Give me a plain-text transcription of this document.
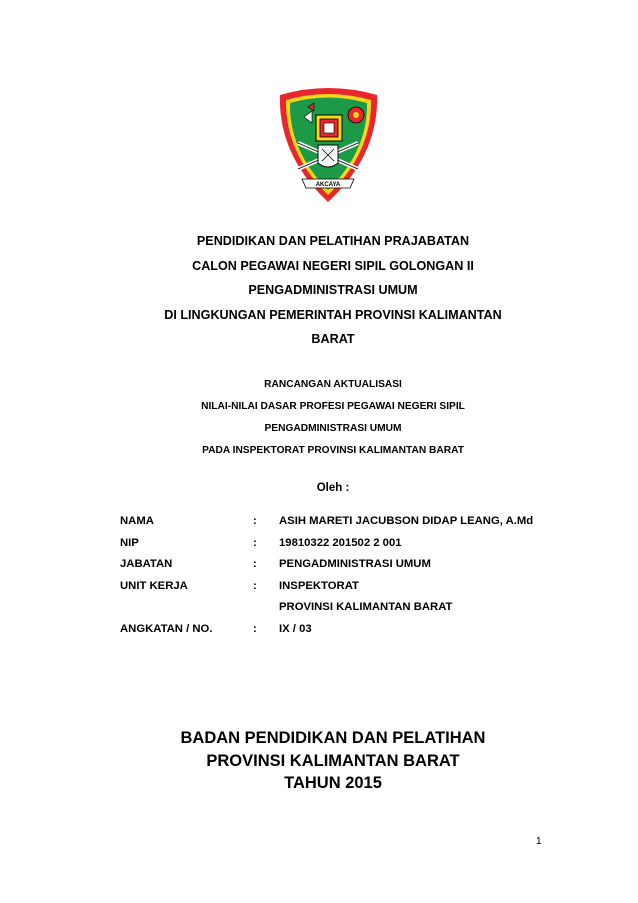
AKCAYA
PENDIDIKAN DAN PELATIHAN PRAJABATAN
CALON PEGAWAI NEGERI SIPIL GOLONGAN II
PENGADMINISTRASI UMUM
DI LINGKUNGAN PEMERINTAH PROVINSI KALIMANTAN
BARAT
RANCANGAN AKTUALISASI
NILAI-NILAI DASAR PROFESI PEGAWAI NEGERI SIPIL
PENGADMINISTRASI UMUM
PADA INSPEKTORAT PROVINSI KALIMANTAN BARAT
Oleh :
NAMA	: ASIH MARETI JACUBSON DIDAP LEANG, A.Md
NIP	: 19810322 201502 2 001
JABATAN	: PENGADMINISTRASI UMUM
UNIT KERJA	: INSPEKTORAT
PROVINSI KALIMANTAN BARAT
ANGKATAN / NO.	: IX / 03
BADAN PENDIDIKAN DAN PELATIHAN
PROVINSI KALIMANTAN BARAT
TAHUN 2015
1
